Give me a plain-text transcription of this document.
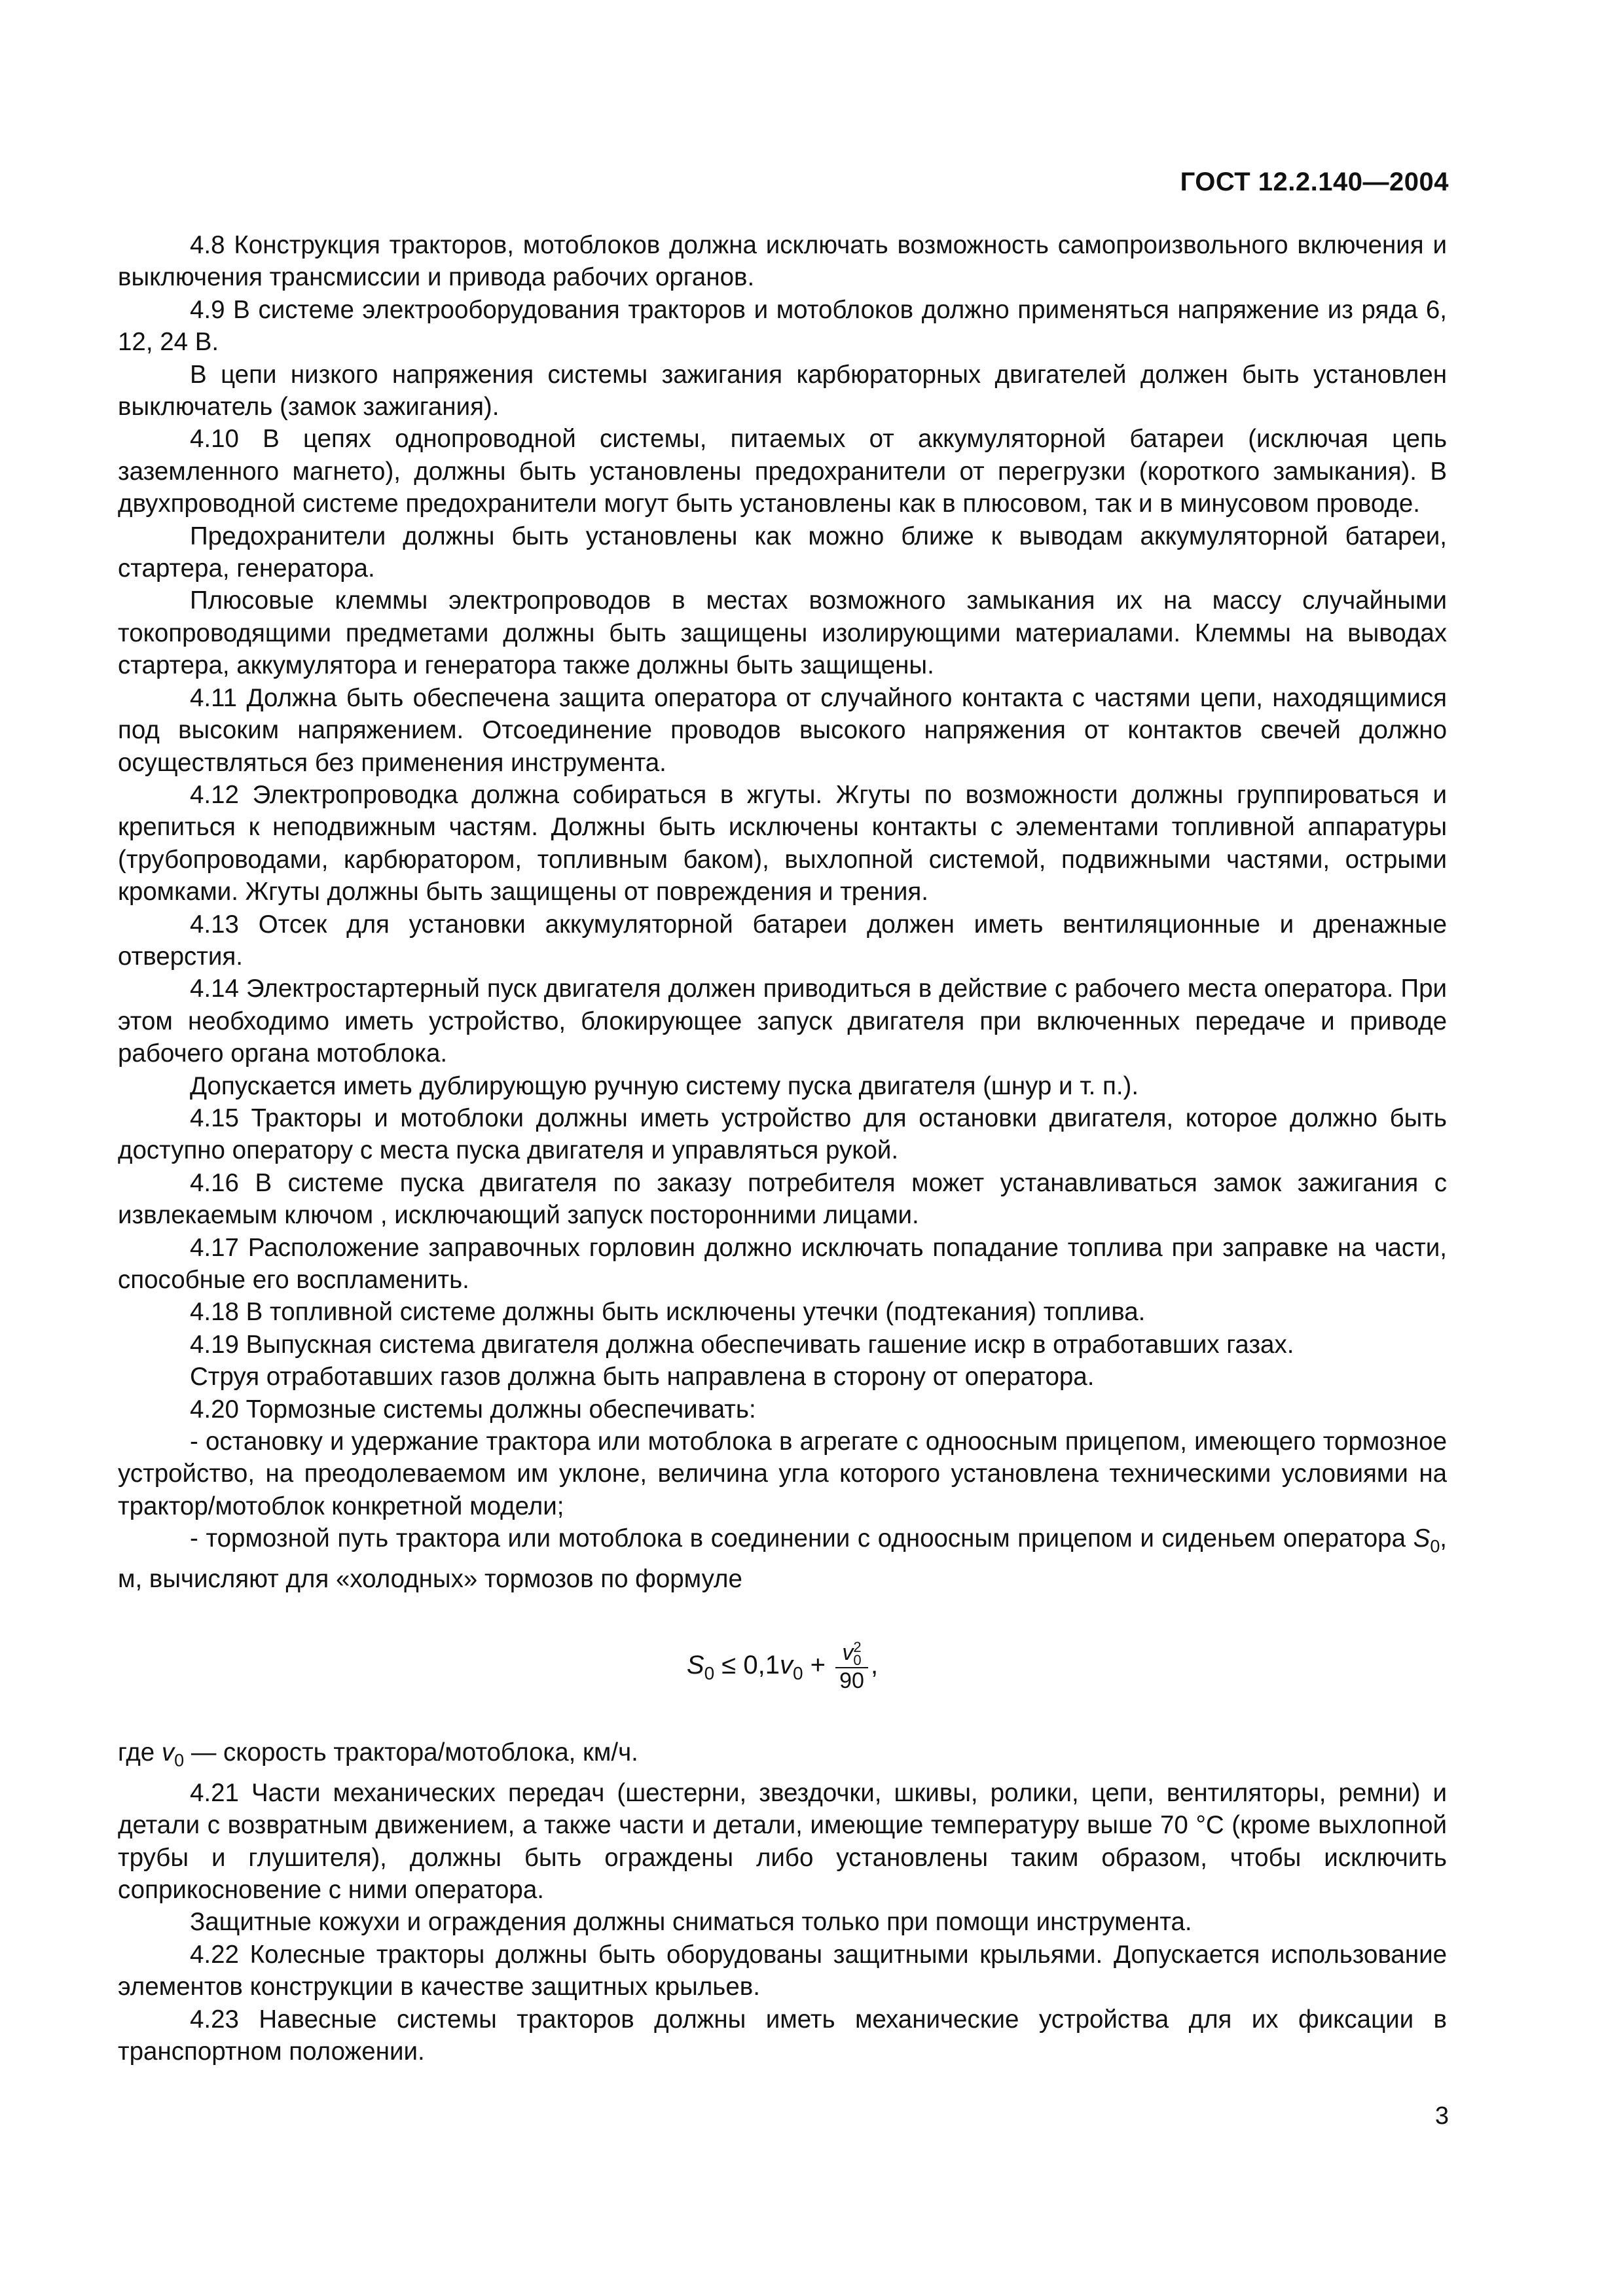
ГОСТ 12.2.140—2004

4.8 Конструкция тракторов, мотоблоков должна исключать возможность самопроизвольного включения и выключения трансмиссии и привода рабочих органов.

4.9 В системе электрооборудования тракторов и мотоблоков должно применяться напряжение из ряда 6, 12, 24 В.

В цепи низкого напряжения системы зажигания карбюраторных двигателей должен быть установлен выключатель (замок зажигания).

4.10 В цепях однопроводной системы, питаемых от аккумуляторной батареи (исключая цепь заземленного магнето), должны быть установлены предохранители от перегрузки (короткого замыкания). В двухпроводной системе предохранители могут быть установлены как в плюсовом, так и в минусовом проводе.

Предохранители должны быть установлены как можно ближе к выводам аккумуляторной батареи, стартера, генератора.

Плюсовые клеммы электропроводов в местах возможного замыкания их на массу случайными токопроводящими предметами должны быть защищены изолирующими материалами. Клеммы на выводах стартера, аккумулятора и генератора также должны быть защищены.

4.11 Должна быть обеспечена защита оператора от случайного контакта с частями цепи, находящимися под высоким напряжением. Отсоединение проводов высокого напряжения от контактов свечей должно осуществляться без применения инструмента.

4.12 Электропроводка должна собираться в жгуты. Жгуты по возможности должны группироваться и крепиться к неподвижным частям. Должны быть исключены контакты с элементами топливной аппаратуры (трубопроводами, карбюратором, топливным баком), выхлопной системой, подвижными частями, острыми кромками. Жгуты должны быть защищены от повреждения и трения.

4.13 Отсек для установки аккумуляторной батареи должен иметь вентиляционные и дренажные отверстия.

4.14 Электростартерный пуск двигателя должен приводиться в действие с рабочего места оператора. При этом необходимо иметь устройство, блокирующее запуск двигателя при включенных передаче и приводе рабочего органа мотоблока.

Допускается иметь дублирующую ручную систему пуска двигателя (шнур и т. п.).

4.15 Тракторы и мотоблоки должны иметь устройство для остановки двигателя, которое должно быть доступно оператору с места пуска двигателя и управляться рукой.

4.16 В системе пуска двигателя по заказу потребителя может устанавливаться замок зажигания с извлекаемым ключом , исключающий запуск посторонними лицами.

4.17 Расположение заправочных горловин должно исключать попадание топлива при заправке на части, способные его воспламенить.

4.18 В топливной системе должны быть исключены утечки (подтекания) топлива.

4.19 Выпускная система двигателя должна обеспечивать гашение искр в отработавших газах.

Струя отработавших газов должна быть направлена в сторону от оператора.

4.20 Тормозные системы должны обеспечивать:

- остановку и удержание трактора или мотоблока в агрегате с одноосным прицепом, имеющего тормозное устройство, на преодолеваемом им уклоне, величина угла которого установлена техническими условиями на трактор/мотоблок конкретной модели;

- тормозной путь трактора или мотоблока в соединении с одноосным прицепом и сиденьем оператора $S_0$, м, вычисляют для «холодных» тормозов по формуле

$S_0 \le 0,1v_0 + v$ 2
0
90 ,

где $v_0$ — скорость трактора/мотоблока, км/ч.

4.21 Части механических передач (шестерни, звездочки, шкивы, ролики, цепи, вентиляторы, ремни) и детали с возвратным движением, а также части и детали, имеющие температуру выше 70 °С (кроме выхлопной трубы и глушителя), должны быть ограждены либо установлены таким образом, чтобы исключить соприкосновение с ними оператора.

Защитные кожухи и ограждения должны сниматься только при помощи инструмента.

4.22 Колесные тракторы должны быть оборудованы защитными крыльями. Допускается использование элементов конструкции в качестве защитных крыльев.

4.23 Навесные системы тракторов должны иметь механические устройства для их фиксации в транспортном положении.

3
